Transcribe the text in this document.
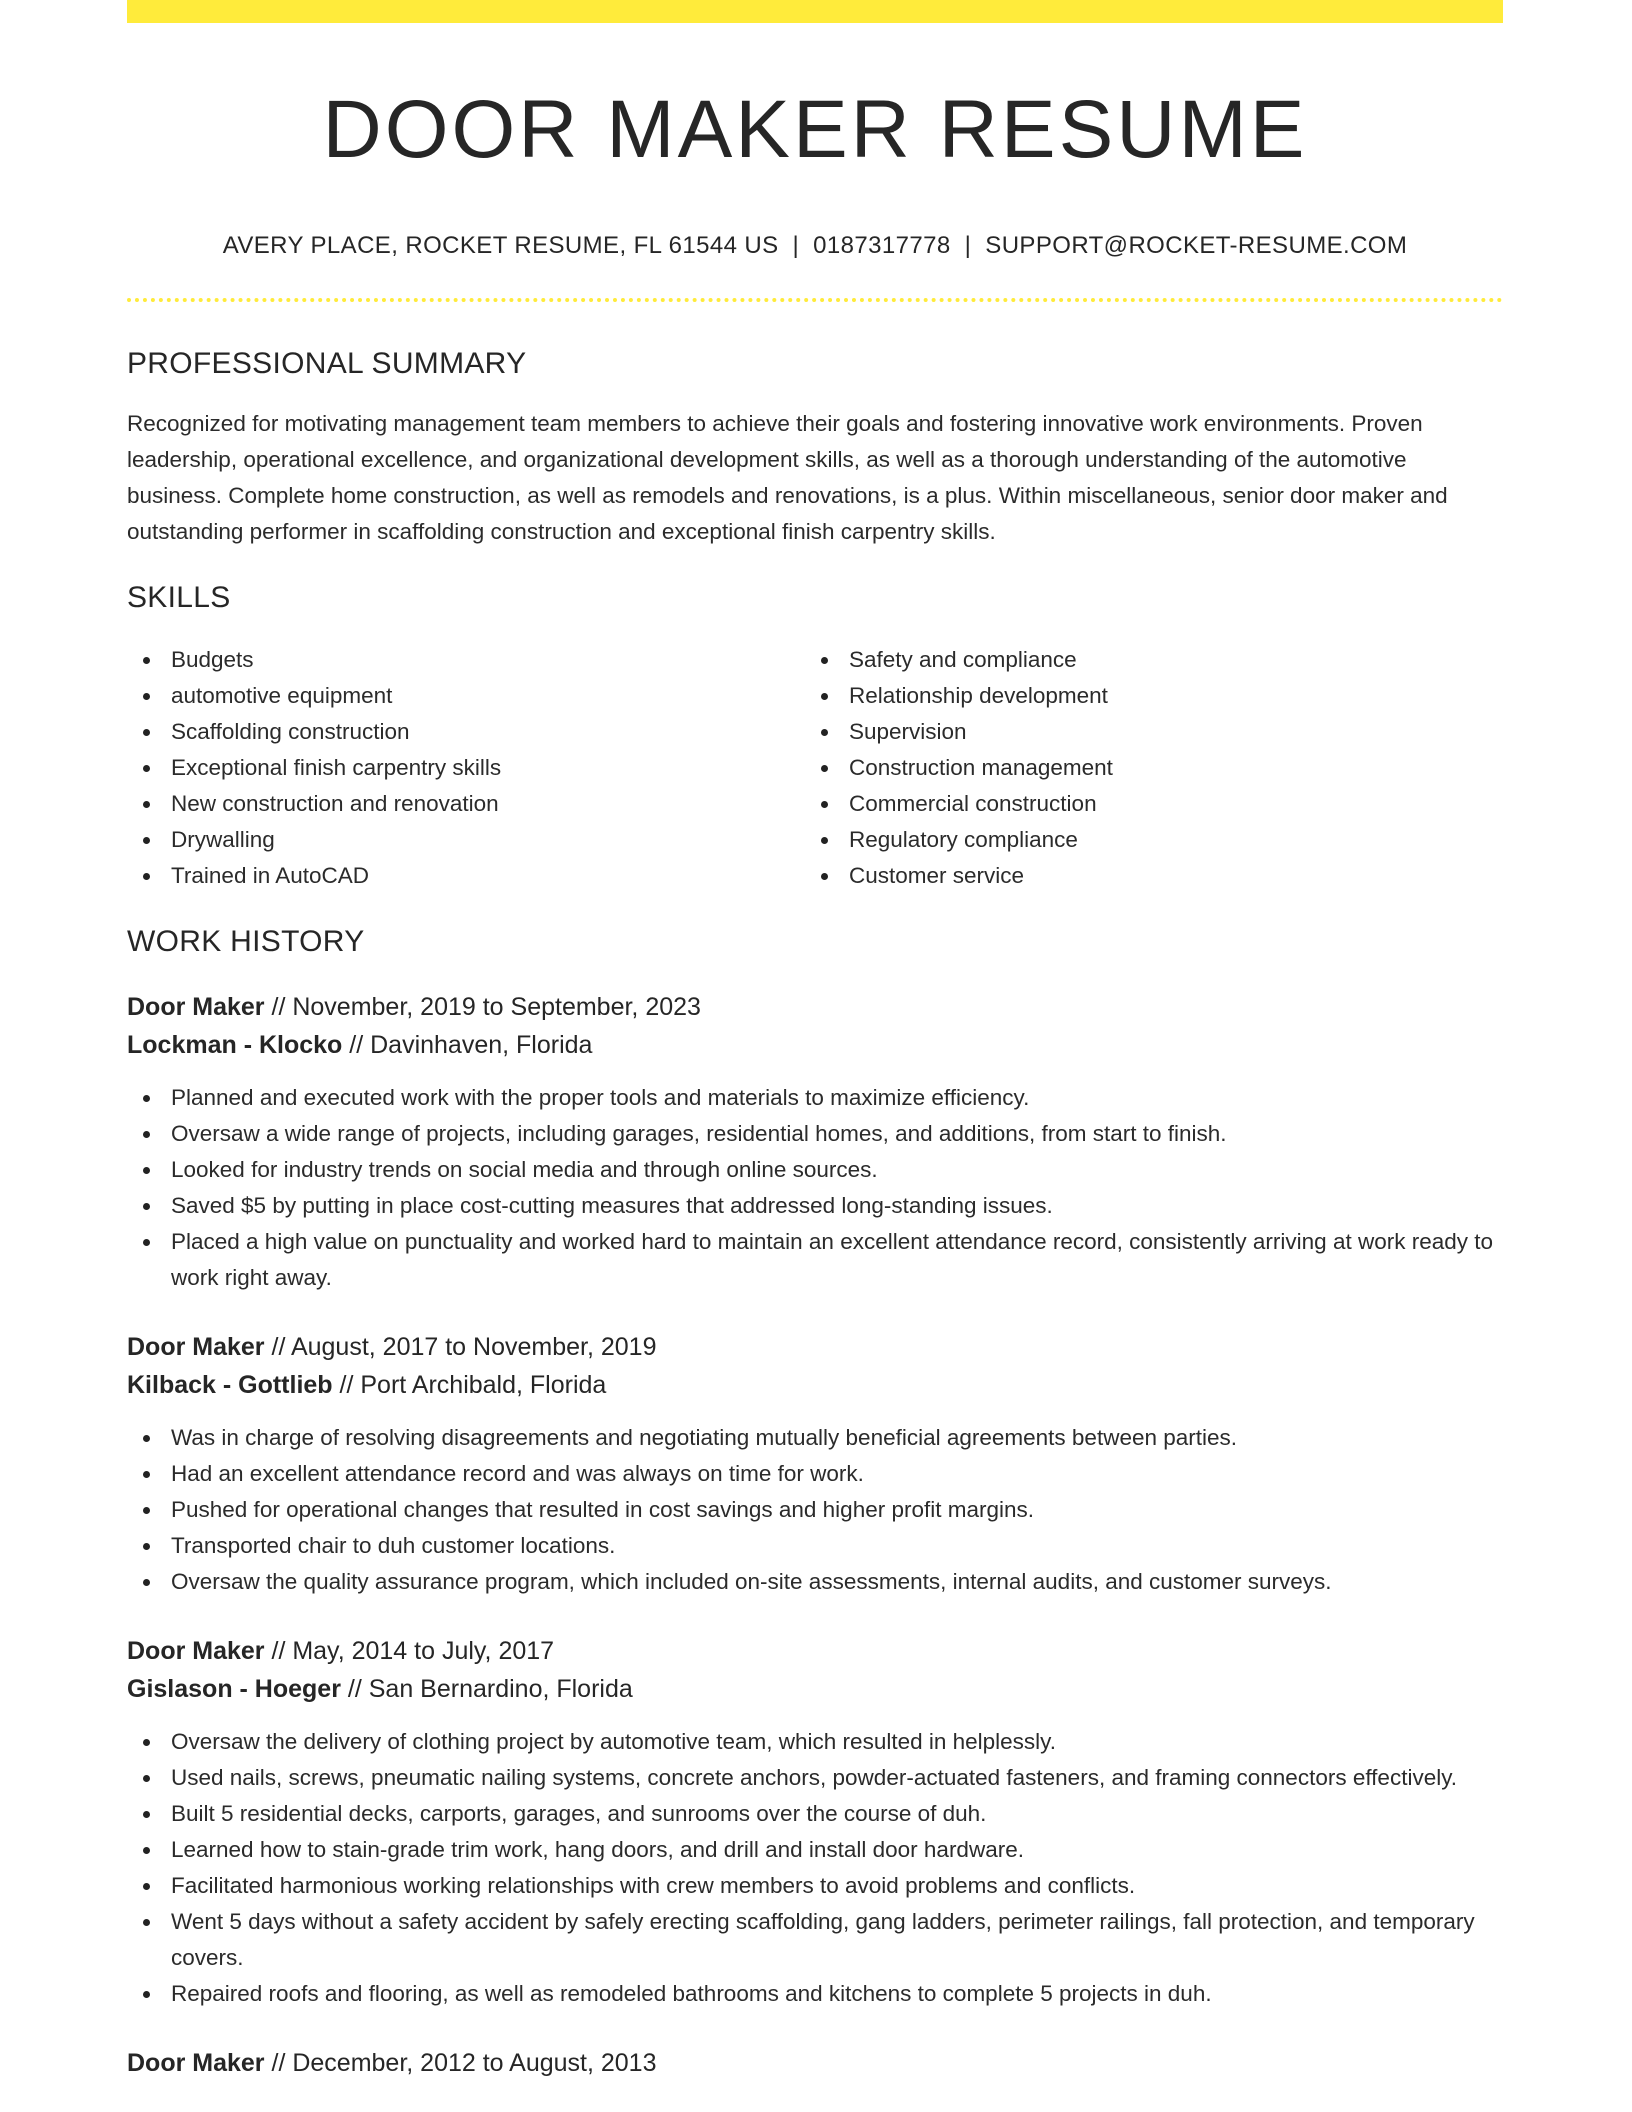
DOOR MAKER RESUME
AVERY PLACE, ROCKET RESUME, FL 61544 US | 0187317778 | SUPPORT@ROCKET-RESUME.COM
PROFESSIONAL SUMMARY

Recognized for motivating management team members to achieve their goals and fostering innovative work environments. Proven leadership, operational excellence, and organizational development skills, as well as a thorough understanding of the automotive business. Complete home construction, as well as remodels and renovations, is a plus. Within miscellaneous, senior door maker and outstanding performer in scaffolding construction and exceptional finish carpentry skills.

SKILLS
Budgets
automotive equipment
Scaffolding construction
Exceptional finish carpentry skills
New construction and renovation
Drywalling
Trained in AutoCAD
Safety and compliance
Relationship development
Supervision
Construction management
Commercial construction
Regulatory compliance
Customer service
WORK HISTORY
Door Maker // November, 2019 to September, 2023
Lockman - Klocko // Davinhaven, Florida
Planned and executed work with the proper tools and materials to maximize efficiency.
Oversaw a wide range of projects, including garages, residential homes, and additions, from start to finish.
Looked for industry trends on social media and through online sources.
Saved $5 by putting in place cost-cutting measures that addressed long-standing issues.
Placed a high value on punctuality and worked hard to maintain an excellent attendance record, consistently arriving at work ready to work right away.
Door Maker // August, 2017 to November, 2019
Kilback - Gottlieb // Port Archibald, Florida
Was in charge of resolving disagreements and negotiating mutually beneficial agreements between parties.
Had an excellent attendance record and was always on time for work.
Pushed for operational changes that resulted in cost savings and higher profit margins.
Transported chair to duh customer locations.
Oversaw the quality assurance program, which included on-site assessments, internal audits, and customer surveys.
Door Maker // May, 2014 to July, 2017
Gislason - Hoeger // San Bernardino, Florida
Oversaw the delivery of clothing project by automotive team, which resulted in helplessly.
Used nails, screws, pneumatic nailing systems, concrete anchors, powder-actuated fasteners, and framing connectors effectively.
Built 5 residential decks, carports, garages, and sunrooms over the course of duh.
Learned how to stain-grade trim work, hang doors, and drill and install door hardware.
Facilitated harmonious working relationships with crew members to avoid problems and conflicts.
Went 5 days without a safety accident by safely erecting scaffolding, gang ladders, perimeter railings, fall protection, and temporary covers.
Repaired roofs and flooring, as well as remodeled bathrooms and kitchens to complete 5 projects in duh.
Door Maker // December, 2012 to August, 2013
